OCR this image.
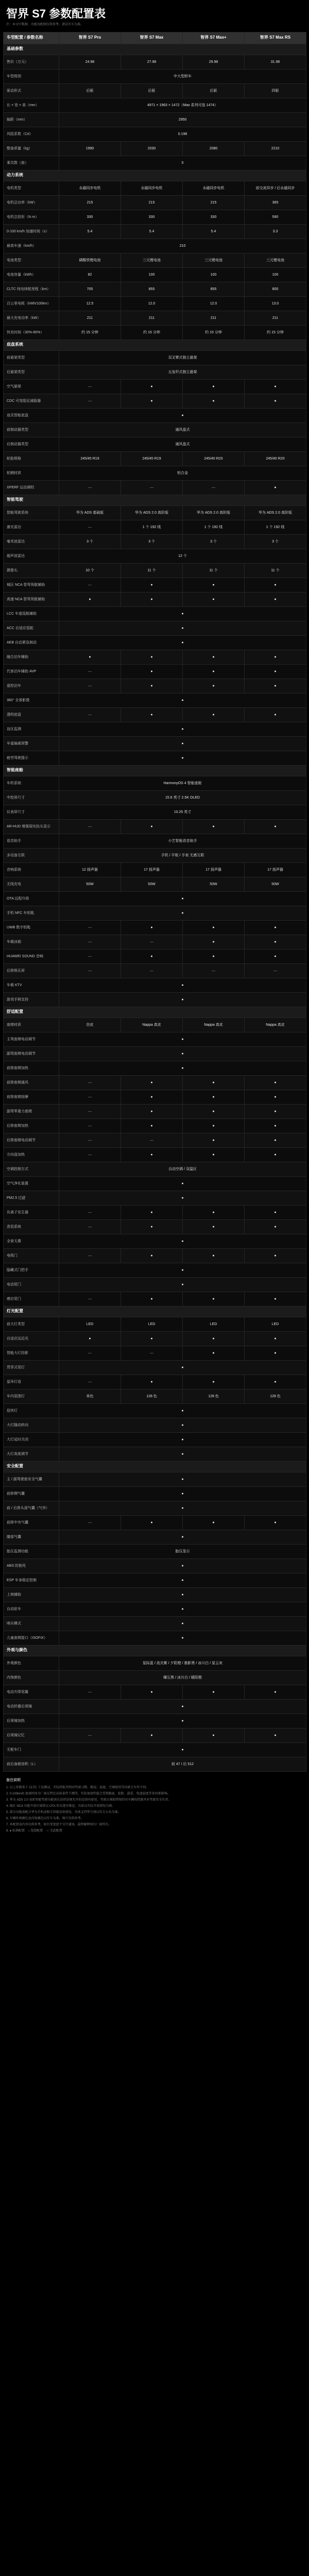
智界 S7 参数配置表
注：本文中数据、功能及配图仅供参考，请以实车为准。
车型配置 / 参数名称	智界 S7 Pro	智界 S7 Max	智界 S7 Max+	智界 S7 Max RS
基础参数				
售价（万元）	24.98	27.98	29.98	31.98
车型级别	中大型轿车			
驱动形式	后驱	后驱	后驱	四驱
长 × 宽 × 高（mm）	4971 × 1963 × 1472（Max 系列可选 1474）			
轴距（mm）	2950			
风阻系数（Cd）	0.198			
整备质量（kg）	1990	2030	2080	2210
乘员数（座）	5			
动力系统				
电机类型	永磁同步电机	永磁同步电机	永磁同步电机	前交流异步 / 后永磁同步
电机总功率（kW）	215	215	215	365
电机总扭矩（N·m）	330	330	330	590
0-100 km/h 加速时间（s）	5.4	5.4	5.4	3.3
最高车速（km/h）	210			
电池类型	磷酸铁锂电池	三元锂电池	三元锂电池	三元锂电池
电池容量（kWh）	82	100	100	100
CLTC 纯电续航里程（km）	705	855	855	800
百公里电耗（kWh/100km）	12.5	12.0	12.0	13.0
最大充电功率（kW）	211	211	211	211
快充时间（30%-80%）	约 15 分钟	约 15 分钟	约 15 分钟	约 15 分钟
底盘系统				
前悬架类型	双叉臂式独立悬架			
后悬架类型	五连杆式独立悬架			
空气悬架	—	●	●	●
CDC 可变阻尼减振器	—	●	●	●
途灵智能底盘	●			
前制动器类型	通风盘式			
后制动器类型	通风盘式			
轮胎规格	245/45 R19	245/45 R19	245/40 R20	245/40 R20
轮辋材质	铝合金			
XPERF 运动调校	—	—	—	●
智能驾驶				
智能驾驶系统	华为 ADS 基础版	华为 ADS 2.0 高阶版	华为 ADS 2.0 高阶版	华为 ADS 2.0 高阶版
激光雷达	—	1 个 192 线	1 个 192 线	1 个 192 线
毫米波雷达	3 个	3 个	3 个	3 个
超声波雷达	12 个			
摄像头	10 个	11 个	11 个	11 个
城区 NCA 智驾领航辅助	—	●	●	●
高速 NCA 智驾领航辅助	●	●	●	●
LCC 车道巡航辅助	●			
ACC 自适应巡航	●			
AEB 自动紧急制动	●			
融合泊车辅助	●	●	●	●
代客泊车辅助 AVP	—	●	●	●
遥控泊车	—	●	●	●
360° 全景影像	●			
透明底盘	—	●	●	●
盲区监测	●			
车道偏离预警	●			
疲劳驾驶提示	●			
智能座舱				
车机系统	HarmonyOS 4 智能座舱			
中控屏尺寸	15.6 英寸 2.5K OLED			
仪表屏尺寸	10.25 英寸			
AR-HUD 增强现实抬头显示	—	●	●	●
语音助手	小艺智能语音助手			
多设备互联	手机 / 平板 / 手表 无感互联			
音响系统	12 扬声器	17 扬声器	17 扬声器	17 扬声器
无线充电	50W	50W	50W	50W
OTA 远程升级	●			
手机 NFC 车钥匙	●			
UWB 数字钥匙	—	●	●	●
车载冰箱	—	—	●	●
HUAWEI SOUND 音响	—	●	●	●
后排娱乐屏	—	—	—	—
车载 KTV	●			
游戏手柄支持	●			
舒适配置				
座椅材质	仿皮	Nappa 真皮	Nappa 真皮	Nappa 真皮
主驾座椅电动调节	●			
副驾座椅电动调节	●			
前排座椅加热	●			
前排座椅通风	—	●	●	●
前排座椅按摩	—	●	●	●
副驾零重力座椅	—	●	●	●
后排座椅加热	—	●	●	●
后排座椅电动调节	—	—	●	●
方向盘加热	—	●	●	●
空调控制方式	自动空调 / 双温区			
空气净化装置	●			
PM2.5 过滤	●			
负离子发生器	—	●	●	●
香氛系统	—	●	●	●
全景天幕	●			
电吸门	—	●	●	●
隐藏式门把手	●			
电动尾门	●			
感应尾门	—	●	●	●
灯光配置				
前大灯类型	LED	LED	LED	LED
自适应远近光	●	●	●	●
智能大灯投影	—	—	●	●
贯穿式尾灯	●			
星环灯语	—	●	●	●
车内氛围灯	单色	128 色	128 色	128 色
迎宾灯	●			
大灯随动转向	●			
大灯延时关闭	●			
大灯高度调节	●			
安全配置				
主 / 副驾驶座安全气囊	●			
前排侧气囊	●			
前 / 后排头部气囊（气帘）	●			
前排中央气囊	—	●	●	●
膝部气囊	●			
胎压监测功能	胎压显示			
ABS 防抱死	●			
ESP 车身稳定控制	●			
上坡辅助	●			
自动驻车	●			
哨兵模式	●			
儿童座椅接口（ISOFIX）	●			
外观与颜色				
外观颜色	星际蓝 / 流光紫 / 夕阳橙 / 墨影黑 / 冰川白 / 星云灰			
内饰颜色	曜石黑 / 冰川白 / 暖阳橙			
电动升降尾翼	—	●	●	●
电动折叠后视镜	●			
后视镜加热	●			
后视镜记忆	—	●	●	●
无框车门	●			
前后备箱容积（L）	前 47 / 后 512			
备注说明
1. 以上参数基于 CLTC 工况测试，实际续航里程因驾驶习惯、路况、温度、空调使用等因素会有所不同。
2. 0-100km/h 加速时间为厂商在特定试验条件下测得，实际加速性能会受到路面、轮胎、载重、电池温度等多因素影响。
3. 华为 ADS 2.0 高阶智能驾驶功能需在法律法规允许的范围内使用，驾驶员须始终保持对车辆的控制并对驾驶安全负责。
4. 城区 NCA 功能开放区域将以 OTA 形式逐步推送，具体以实际开放情况为准。
5. 部分功能需配合华为手机或相关智能设备使用，具体支持型号请以官方公布为准。
6. 车辆外观颜色及内饰颜色以实车为准，图片仅供参考。
7. 本配置表内容仅供参考，如有变更恕不另行通知，最终解释权归厂商所有。
8. ● 标准配置　○ 选装配置　— 无此配置
